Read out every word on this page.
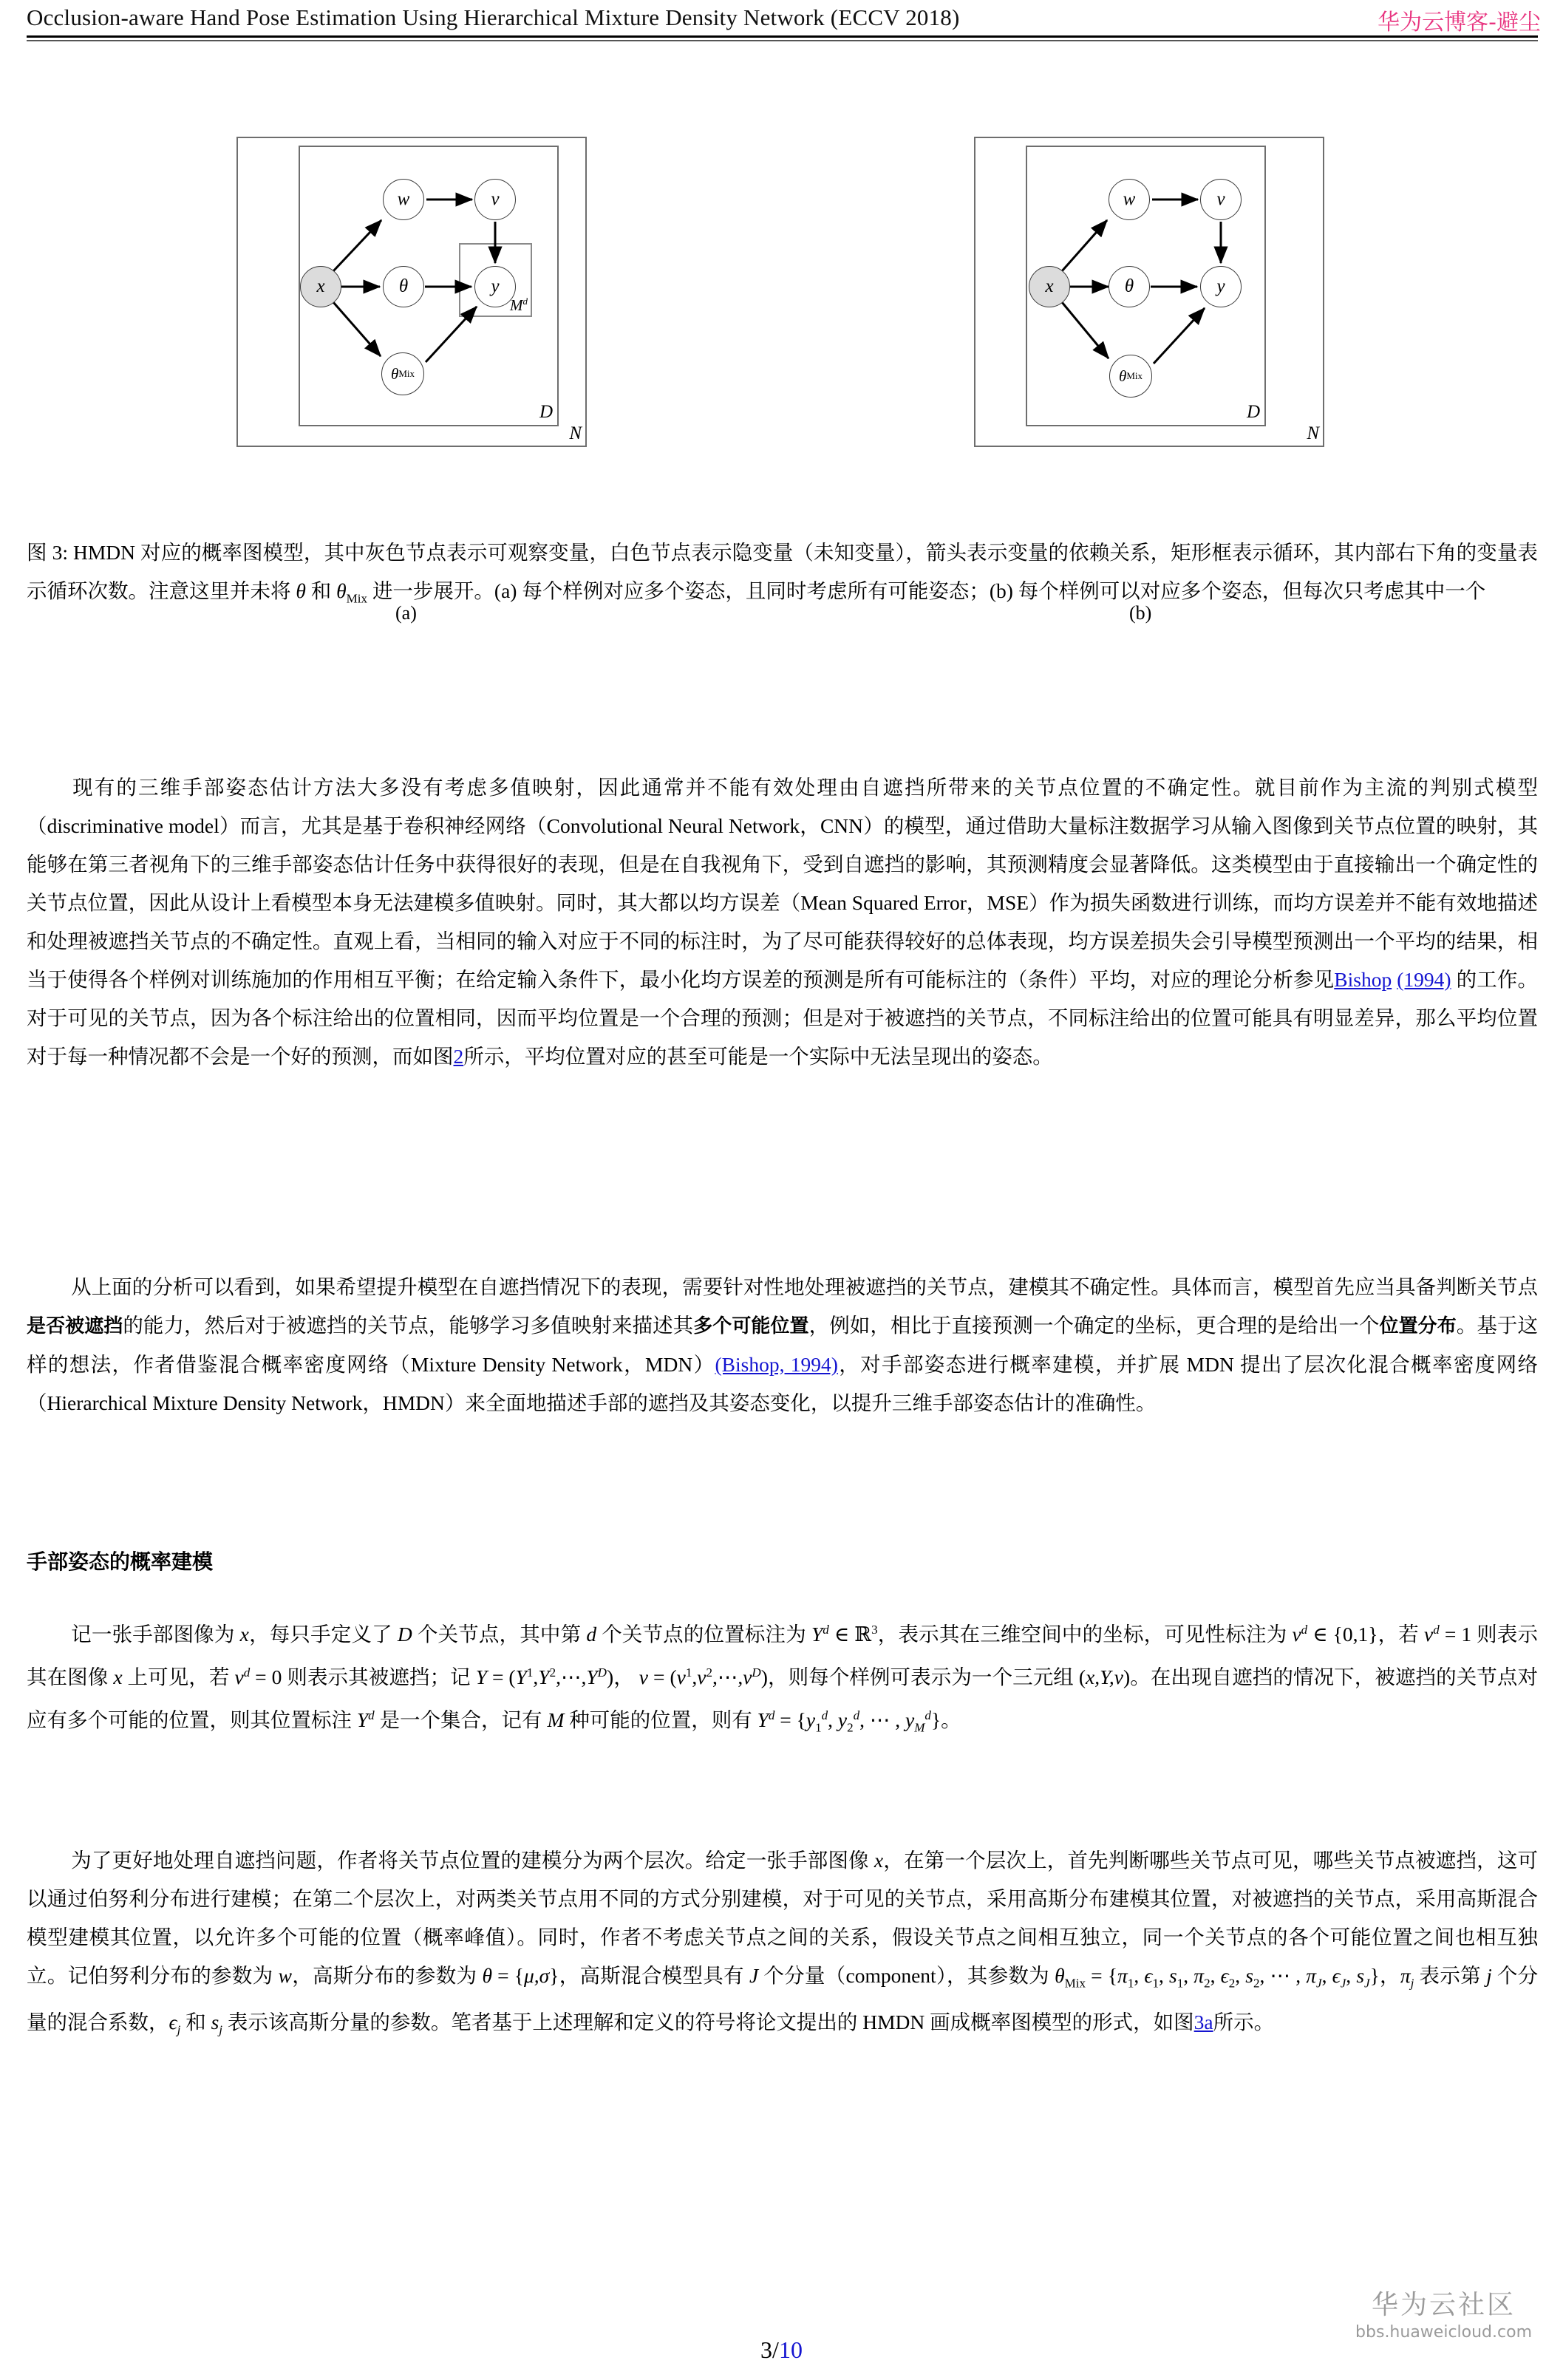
Occlusion-aware Hand Pose Estimation Using Hierarchical Mixture Density Network (ECCV 2018)	华为云博客-避尘
N
D
$M^d$
x
w	v
θ	y
θ Mix
N
D
x
w	v
θ	y
θ Mix
(a)	(b)
图 3: HMDN 对应的概率图模型，其中灰色节点表示可观察变量，白色节点表示隐变量（未知变量），箭头表示变量的依赖关系，矩形框表示循环，其内部右下角的变量表示循环次数。注意这里并未将 θ 和 $\theta_{Mix}$ 进一步展开。(a) 每个样例对应多个姿态，且同时考虑所有可能姿态；(b) 每个样例可以对应多个姿态，但每次只考虑其中一个
现有的三维手部姿态估计方法大多没有考虑多值映射，因此通常并不能有效处理由自遮挡所带来的关节点位置的不确定性。就目前作为主流的判别式模型（discriminative model）而言，尤其是基于卷积神经网络（Convolutional Neural Network，CNN）的模型，通过借助大量标注数据学习从输入图像到关节点位置的映射，其能够在第三者视角下的三维手部姿态估计任务中获得很好的表现，但是在自我视角下，受到自遮挡的影响，其预测精度会显著降低。这类模型由于直接输出一个确定性的关节点位置，因此从设计上看模型本身无法建模多值映射。同时，其大都以均方误差（Mean Squared Error，MSE）作为损失函数进行训练，而均方误差并不能有效地描述和处理被遮挡关节点的不确定性。直观上看，当相同的输入对应于不同的标注时，为了尽可能获得较好的总体表现，均方误差损失会引导模型预测出一个平均的结果，相当于使得各个样例对训练施加的作用相互平衡；在给定输入条件下，最小化均方误差的预测是所有可能标注的（条件）平均，对应的理论分析参见Bishop (1994) 的工作。对于可见的关节点，因为各个标注给出的位置相同，因而平均位置是一个合理的预测；但是对于被遮挡的关节点，不同标注给出的位置可能具有明显差异，那么平均位置对于每一种情况都不会是一个好的预测，而如图2所示，平均位置对应的甚至可能是一个实际中无法呈现出的姿态。
从上面的分析可以看到，如果希望提升模型在自遮挡情况下的表现，需要针对性地处理被遮挡的关节点，建模其不确定性。具体而言，模型首先应当具备判断关节点是否被遮挡的能力，然后对于被遮挡的关节点，能够学习多值映射来描述其多个可能位置，例如，相比于直接预测一个确定的坐标，更合理的是给出一个位置分布。基于这样的想法，作者借鉴混合概率密度网络（Mixture Density Network，MDN）(Bishop, 1994)，对手部姿态进行概率建模，并扩展 MDN 提出了层次化混合概率密度网络（Hierarchical Mixture Density Network，HMDN）来全面地描述手部的遮挡及其姿态变化，以提升三维手部姿态估计的准确性。
手部姿态的概率建模
记一张手部图像为 x，每只手定义了 D 个关节点，其中第 d 个关节点的位置标注为 $Y^d$ ∈ ℝ$^3$，表示其在三维空间中的坐标，可见性标注为 $v^d$ ∈ {0,1}，若 $v^d = 1$ 则表示其在图像 x 上可见，若 $v^d = 0$ 则表示其被遮挡；记 $Y = (Y^1,Y^2,\cdots,Y^D)$， $v = (v^1,v^2,\cdots,v^D)$，则每个样例可表示为一个三元组 (x,Y,v)。在出现自遮挡的情况下，被遮挡的关节点对应有多个可能的位置，则其位置标注 $Y^d$ 是一个集合，记有 M 种可能的位置，则有 $Y^d = \{y_1^d$, $y_2^d$, ⋯ , $y_M^d$}。
为了更好地处理自遮挡问题，作者将关节点位置的建模分为两个层次。给定一张手部图像 x，在第一个层次上，首先判断哪些关节点可见，哪些关节点被遮挡，这可以通过伯努利分布进行建模；在第二个层次上，对两类关节点用不同的方式分别建模，对于可见的关节点，采用高斯分布建模其位置，对被遮挡的关节点，采用高斯混合模型建模其位置，以允许多个可能的位置（概率峰值）。同时，作者不考虑关节点之间的关系，假设关节点之间相互独立，同一个关节点的各个可能位置之间也相互独立。记伯努利分布的参数为 w，高斯分布的参数为 θ = {μ,σ}，高斯混合模型具有 J 个分量（component），其参数为 $\theta_{Mix} = \{\pi_1$, $\epsilon_1$, $s_1$, $\pi_2$, $\epsilon_2$, $s_2$, ⋯ , $\pi_J$, $\epsilon_J$, $s_J$}，$\pi_j$ 表示第 j 个分量的混合系数，$\epsilon_j$ 和 $s_j$ 表示该高斯分量的参数。笔者基于上述理解和定义的符号将论文提出的 HMDN 画成概率图模型的形式，如图3a所示。
华为云社区
bbs.huaweicloud.com
3/10
